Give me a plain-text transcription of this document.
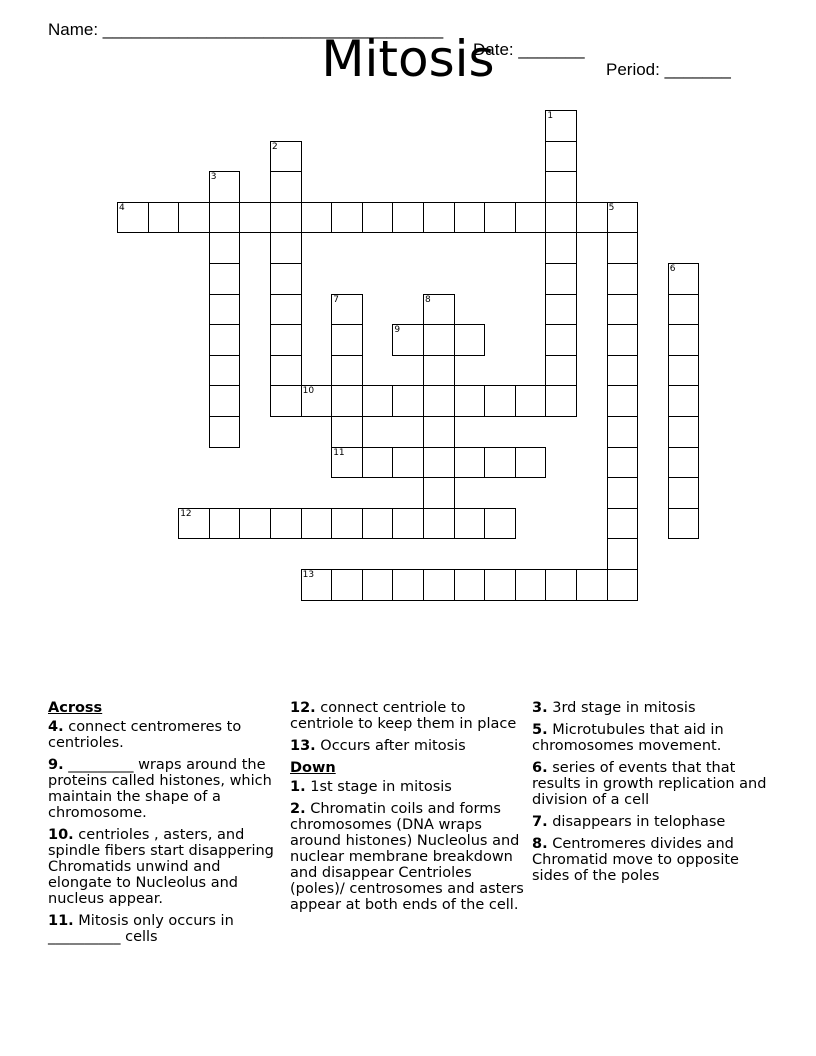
Name: ____________________________________

Date: _______

Period: _______

Mitosis
1
2
3
4	5
6
7	8
9
10
11
12
13
Across
4. connect centromeres to centrioles.
9. _________ wraps around the proteins called histones, which maintain the shape of a chromosome.
10. centrioles , asters, and spindle fibers start disappering Chromatids unwind and elongate to Nucleolus and nucleus appear.
11. Mitosis only occurs in __________ cells
12. connect centriole to centriole to keep them in place
13. Occurs after mitosis
Down
1. 1st stage in mitosis
2. Chromatin coils and forms chromosomes (DNA wraps around histones) Nucleolus and nuclear membrane breakdown and disappear Centrioles (poles)/ centrosomes and asters appear at both ends of the cell.
3. 3rd stage in mitosis
5. Microtubules that aid in chromosomes movement.
6. series of events that that results in growth replication and division of a cell
7. disappears in telophase
8. Centromeres divides and Chromatid move to opposite sides of the poles
